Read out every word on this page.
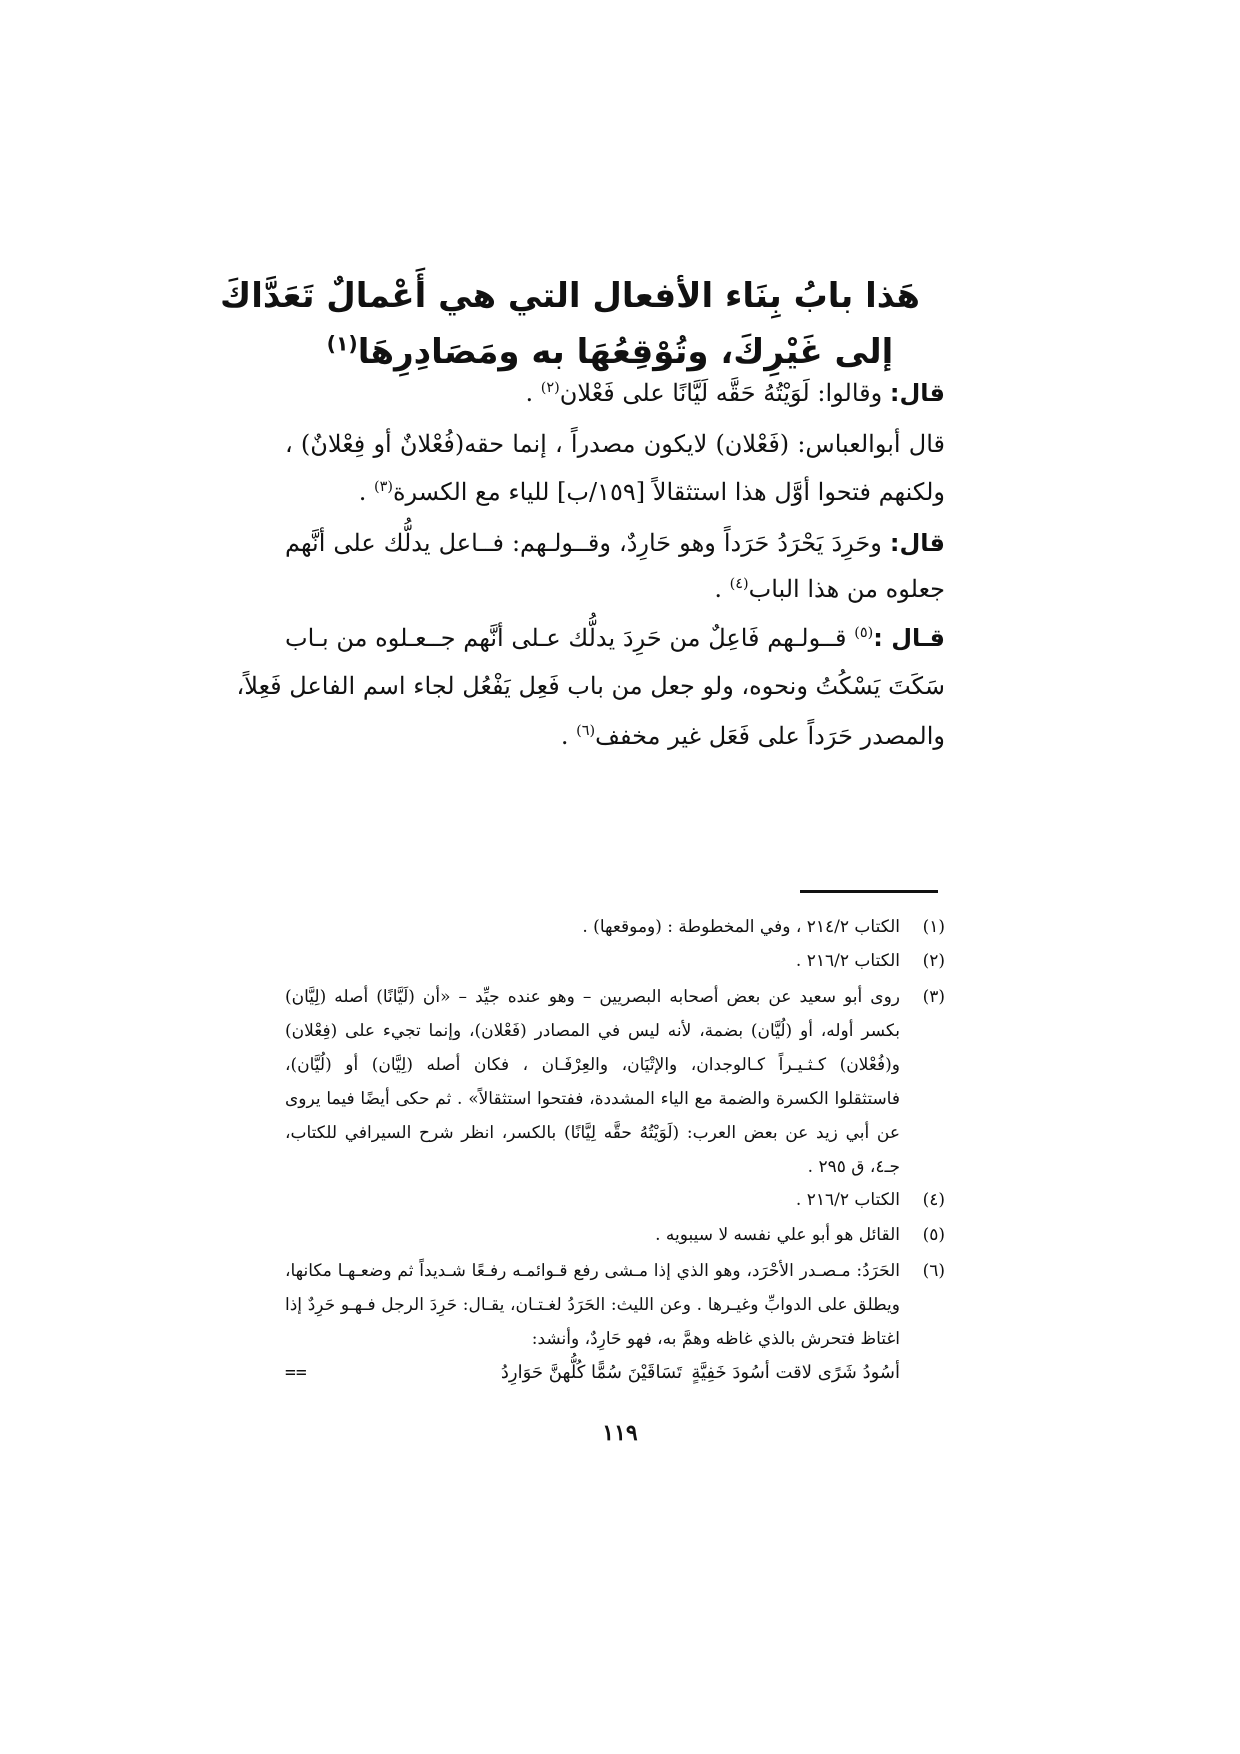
هَذا بابُ بِنَاء الأفعال التي هي أَعْمالٌ تَعَدَّاكَ
إلى غَيْرِكَ، وتُوْقِعُهَا به ومَصَادِرِهَا$^{(١)}$
قال: وقالوا: لَوَيْتُهُ حَقَّه لَيَّانًا على فَعْلان$^{(٢)}$ .
قال أبوالعباس: (فَعْلان) لايكون مصدراً ، إنما حقه(فُعْلانٌ أو فِعْلانٌ) ،
ولكنهم فتحوا أوَّل هذا استثقالاً [١٥٩/ب] للياء مع الكسرة$^{(٣)}$ .
قال: وحَرِدَ يَحْرَدُ حَرَداً وهو حَارِدٌ، وقــولـهم: فــاعل يدلُّك على أنَّهم
جعلوه من هذا الباب$^{(٤)}$ .
قـال :$^{(٥)}$ قــولـهم فَاعِلٌ من حَرِدَ يدلُّك عـلى أنَّهم جــعـلوه من بـاب
سَكَتَ يَسْكُتُ ونحوه، ولو جعل من باب فَعِل يَفْعُل لجاء اسم الفاعل فَعِلاً،
والمصدر حَرَداً على فَعَل غير مخفف$^{(٦)}$ .
(١)الكتاب ٢١٤/٢ ، وفي المخطوطة : (وموقعها) .
(٢)الكتاب ٢١٦/٢ .
(٣)
روى أبو سعيد عن بعض أصحابه البصريين – وهو عنده جيِّد – «أن (لَيَّانًا) أصله (لِيَّان)
بكسر أوله، أو (لُيَّان) بضمة، لأنه ليس في المصادر (فَعْلان)، وإنما تجيء على (فِعْلان)
و(فُعْلان) كـثـيـراً كـالوجدان، والإتْيَان، والعِرْفَـان ، فكان أصله (لِيَّان) أو (لُيَّان)،
فاستثقلوا الكسرة والضمة مع الياء المشددة، ففتحوا استثقالاً» . ثم حكى أيضًا فيما يروى
عن أبي زيد عن بعض العرب: (لَوَيْتُهُ حقَّه لِيَّانًا) بالكسر، انظر شرح السيرافي للكتاب،
جـ٤، ق ٢٩٥ .
(٤)الكتاب ٢١٦/٢ .
(٥)القائل هو أبو علي نفسه لا سيبويه .
(٦)
الحَرَدُ: مـصـدر الأحْرَد، وهو الذي إذا مـشى رفع قـوائمـه رفـعًا شـديداً ثم وضعـهـا مكانها،
ويطلق على الدوابِّ وغيـرها . وعن الليث: الحَرَدُ لغـتـان، يقـال: حَرِدَ الرجل فـهـو حَرِدٌ إذا
اغتاظ فتحرش بالذي غاظه وهمَّ به، فهو حَارِدٌ، وأنشد:
أسُودُ شَرًى لاقت أسُودَ خَفِيَّةٍ
تَسَاقَيْنَ سُمًّا كُلُّهنَّ حَوَارِدُ
==
١١٩
